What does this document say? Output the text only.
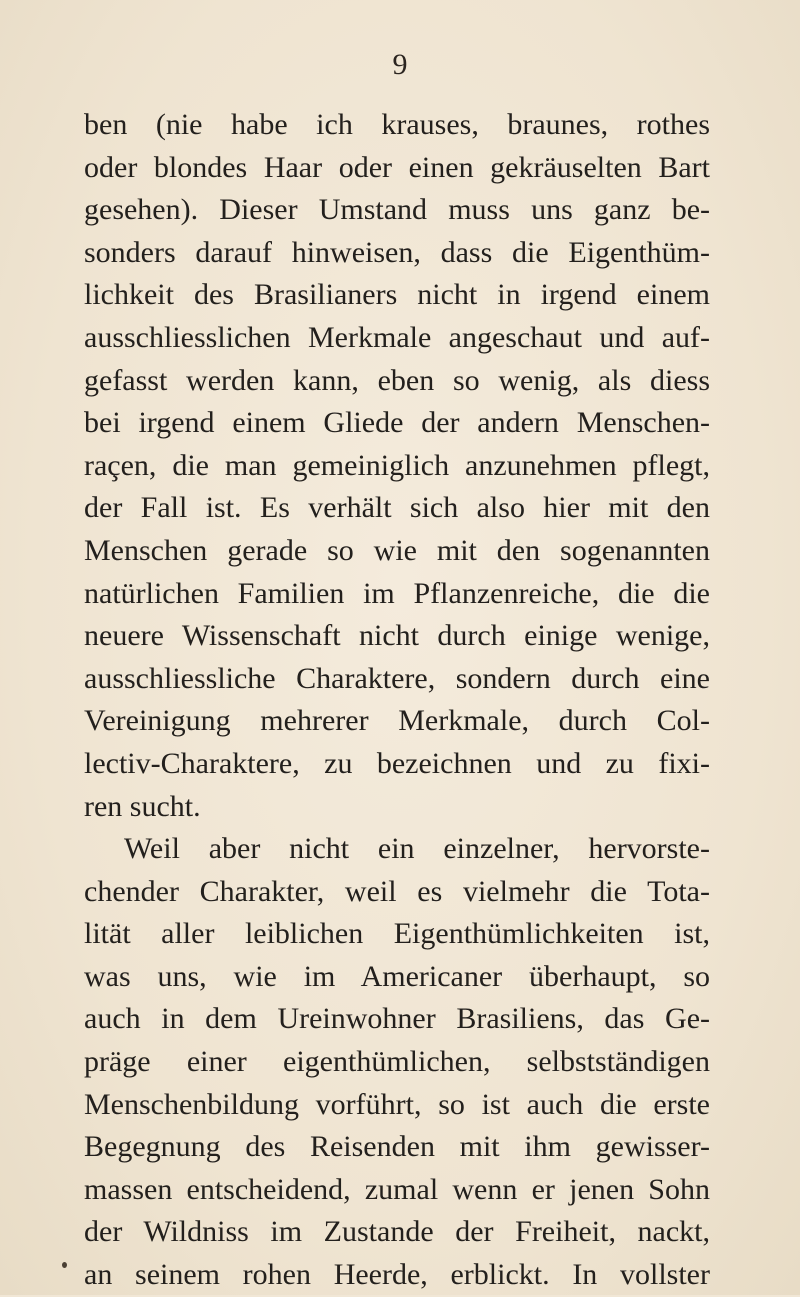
9
ben (nie habe ich krauses, braunes, rothes
oder blondes Haar oder einen gekräuselten Bart
gesehen). Dieser Umstand muss uns ganz be-
sonders darauf hinweisen, dass die Eigenthüm-
lichkeit des Brasilianers nicht in irgend einem
ausschliesslichen Merkmale angeschaut und auf-
gefasst werden kann, eben so wenig, als diess
bei irgend einem Gliede der andern Menschen-
raçen, die man gemeiniglich anzunehmen pflegt,
der Fall ist. Es verhält sich also hier mit den
Menschen gerade so wie mit den sogenannten
natürlichen Familien im Pflanzenreiche, die die
neuere Wissenschaft nicht durch einige wenige,
ausschliessliche Charaktere, sondern durch eine
Vereinigung mehrerer Merkmale, durch Col-
lectiv-Charaktere, zu bezeichnen und zu fixi-
ren sucht.
Weil aber nicht ein einzelner, hervorste-
chender Charakter, weil es vielmehr die Tota-
lität aller leiblichen Eigenthümlichkeiten ist,
was uns, wie im Americaner überhaupt, so
auch in dem Ureinwohner Brasiliens, das Ge-
präge einer eigenthümlichen, selbstständigen
Menschenbildung vorführt, so ist auch die erste
Begegnung des Reisenden mit ihm gewisser-
massen entscheidend, zumal wenn er jenen Sohn
der Wildniss im Zustande der Freiheit, nackt,
an seinem rohen Heerde, erblickt. In vollster
